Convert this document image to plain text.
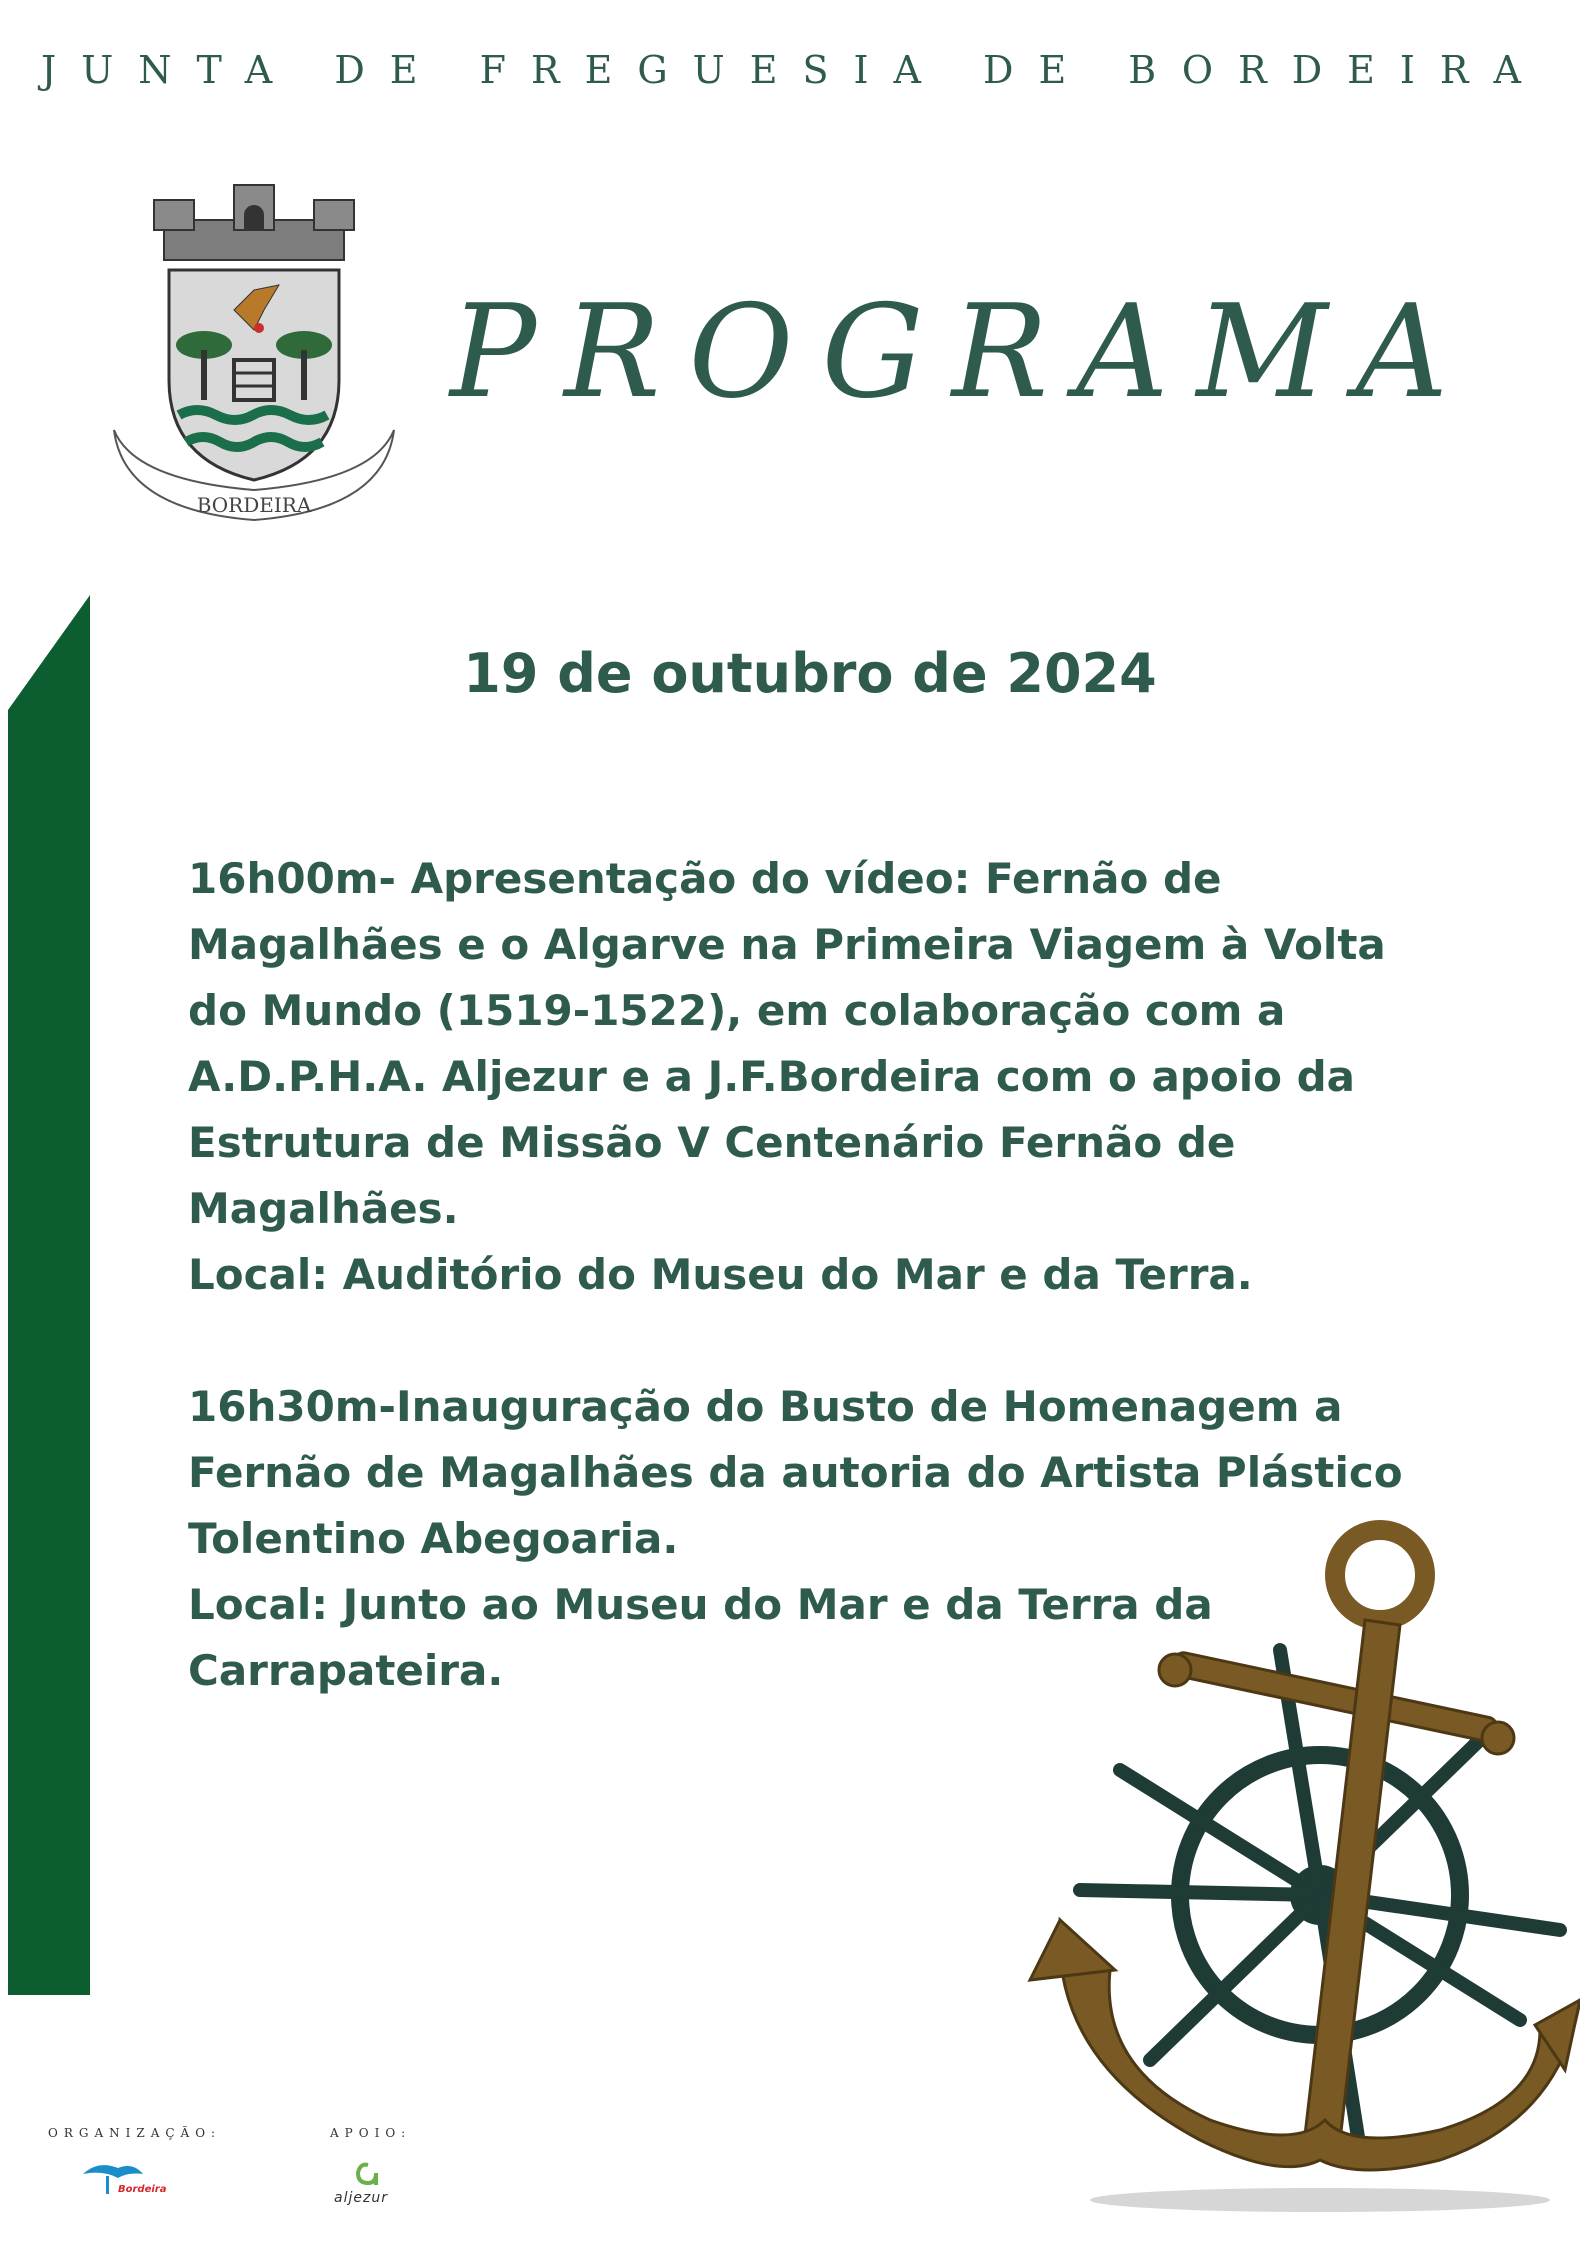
JUNTA DE FREGUESIA DE BORDEIRA
BORDEIRA
PROGRAMA
19 de outubro de 2024

16h00m- Apresentação do vídeo: Fernão de

Magalhães e o Algarve na Primeira Viagem à Volta

do Mundo (1519-1522), em colaboração com a

A.D.P.H.A. Aljezur e a J.F.Bordeira com o apoio da

Estrutura de Missão V Centenário Fernão de

Magalhães.

Local: Auditório do Museu do Mar e da Terra.

16h30m-Inauguração do Busto de Homenagem a

Fernão de Magalhães da autoria do Artista Plástico

Tolentino Abegoaria.

Local: Junto ao Museu do Mar e da Terra da

Carrapateira.

ORGANIZAÇÃO:	APOIO:
Bordeira
aljezur
